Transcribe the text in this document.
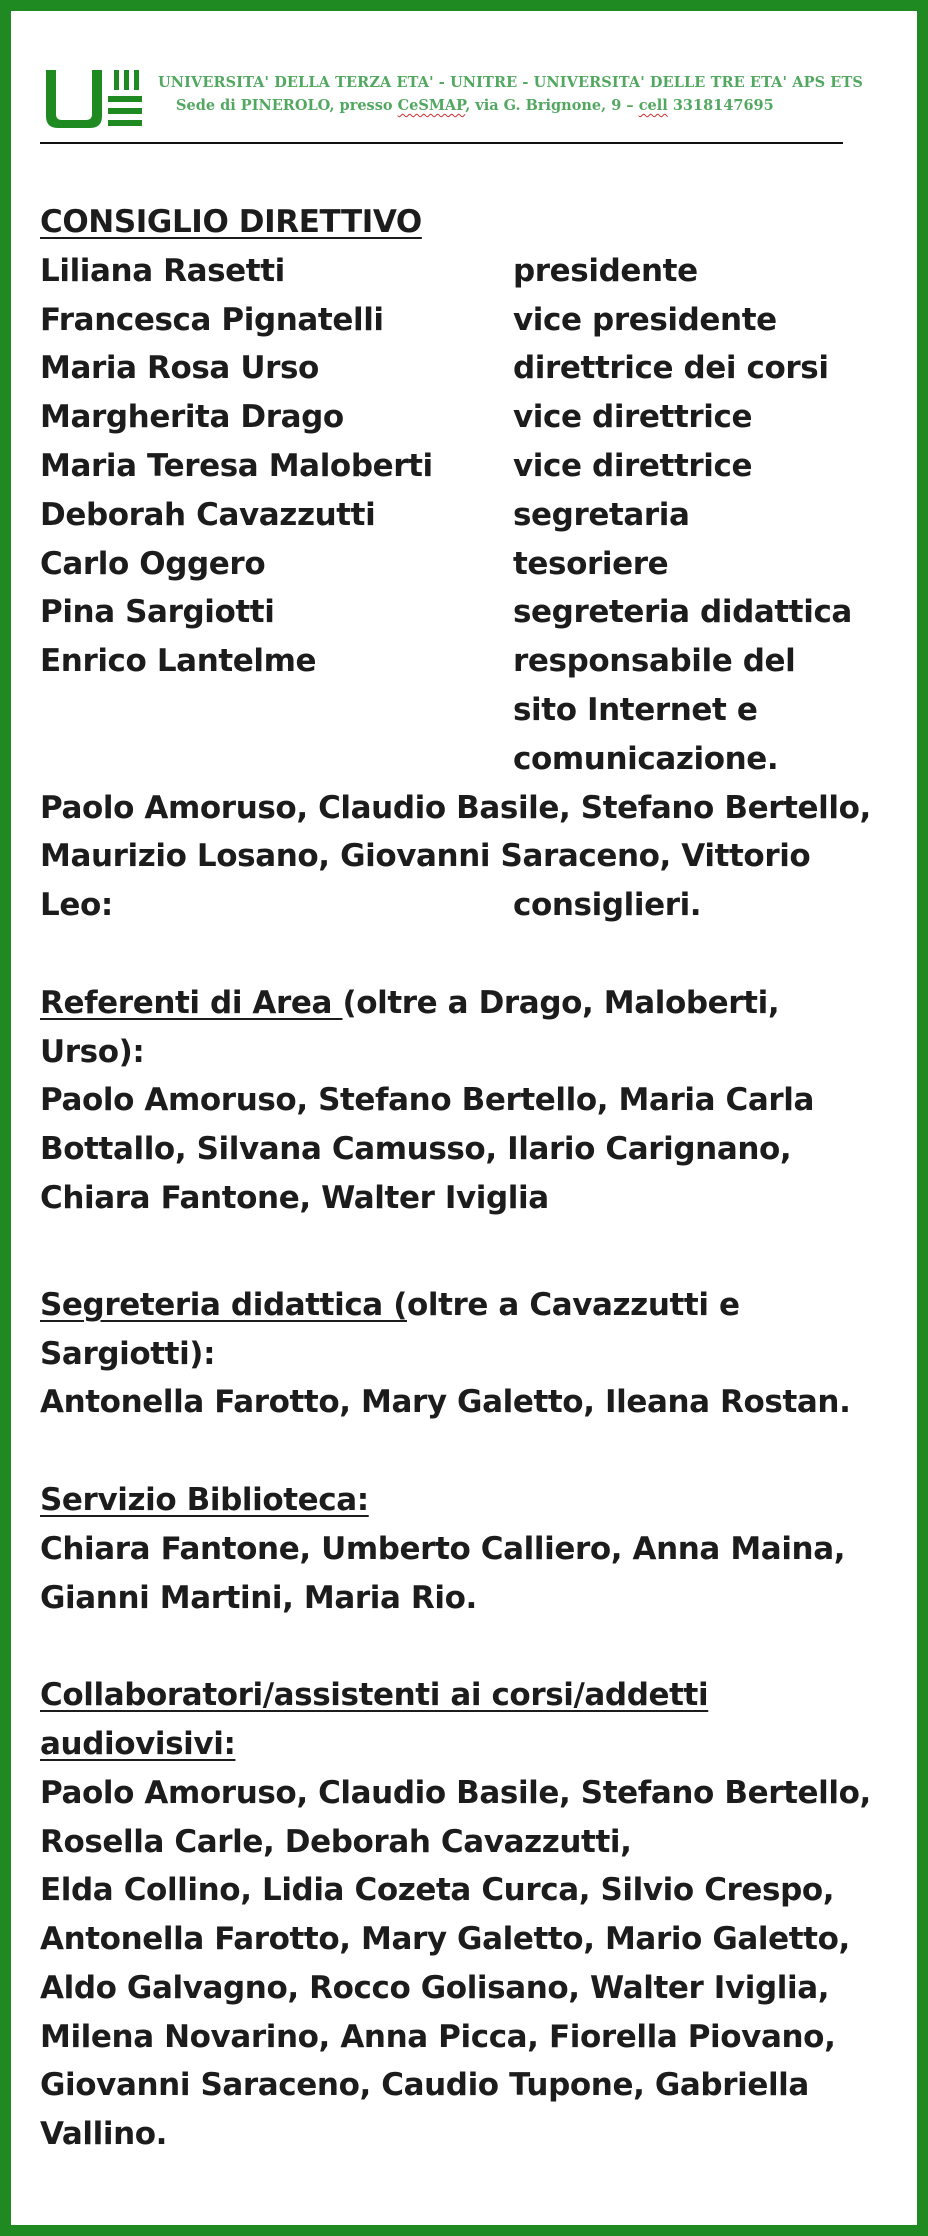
UNIVERSITA' DELLA TERZA ETA' - UNITRE - UNIVERSITA' DELLE TRE ETA' APS ETS
Sede di PINEROLO, presso CeSMAP, via G. Brignone, 9 – cell 3318147695
CONSIGLIO DIRETTIVO
Liliana Rasetti	presidente
Francesca Pignatelli	vice presidente
Maria Rosa Urso	direttrice dei corsi
Margherita Drago	vice direttrice
Maria Teresa Maloberti	vice direttrice
Deborah Cavazzutti	segretaria
Carlo Oggero	tesoriere
Pina Sargiotti	segreteria didattica
Enrico Lantelme	responsabile del
sito Internet e
comunicazione.
Paolo Amoruso, Claudio Basile, Stefano Bertello,
Maurizio Losano, Giovanni Saraceno, Vittorio
Leo:	consiglieri.
Referenti di Area (oltre a Drago, Maloberti,
Urso):
Paolo Amoruso, Stefano Bertello, Maria Carla
Bottallo, Silvana Camusso, Ilario Carignano,
Chiara Fantone, Walter Iviglia
Segreteria didattica (oltre a Cavazzutti e
Sargiotti):
Antonella Farotto, Mary Galetto, Ileana Rostan.
Servizio Biblioteca:
Chiara Fantone, Umberto Calliero, Anna Maina,
Gianni Martini, Maria Rio.
Collaboratori/assistenti ai corsi/addetti
audiovisivi:
Paolo Amoruso, Claudio Basile, Stefano Bertello,
Rosella Carle, Deborah Cavazzutti,
Elda Collino, Lidia Cozeta Curca, Silvio Crespo,
Antonella Farotto, Mary Galetto, Mario Galetto,
Aldo Galvagno, Rocco Golisano, Walter Iviglia,
Milena Novarino, Anna Picca, Fiorella Piovano,
Giovanni Saraceno, Caudio Tupone, Gabriella
Vallino.
